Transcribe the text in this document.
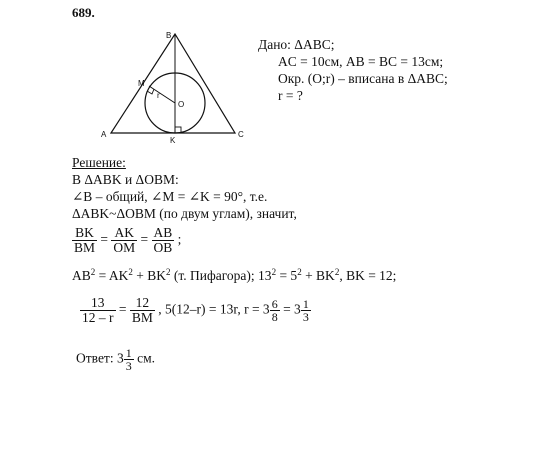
689.
B
A	C
M
O
K
r
Дано: ΔABC;
AC = 10см, AB = BC = 13см;
Окр. (O;r) – вписана в ΔABC;
r = ?
Решение:
В ΔABK и ΔOBM:
∠B – общий, ∠M = ∠K = 90°, т.е.
ΔABK~ΔOBM (по двум углам), значит,
$\frac{BK}{BM} = \frac{AK}{OM} = \frac{AB}{OB}$ ;
$AB^2 = AK^2 + BK^2$ (т. Пифагора); $13^2 = 5^2 + BK^2$, BK = 12;
$\frac{13}{12 - r} = \frac{12}{BM}$ , 5(12–r) = 13r, $r = 3 \frac{6}{8} = 3 \frac{1}{3}$
Ответ: $3 \frac{1}{3}$ см.
